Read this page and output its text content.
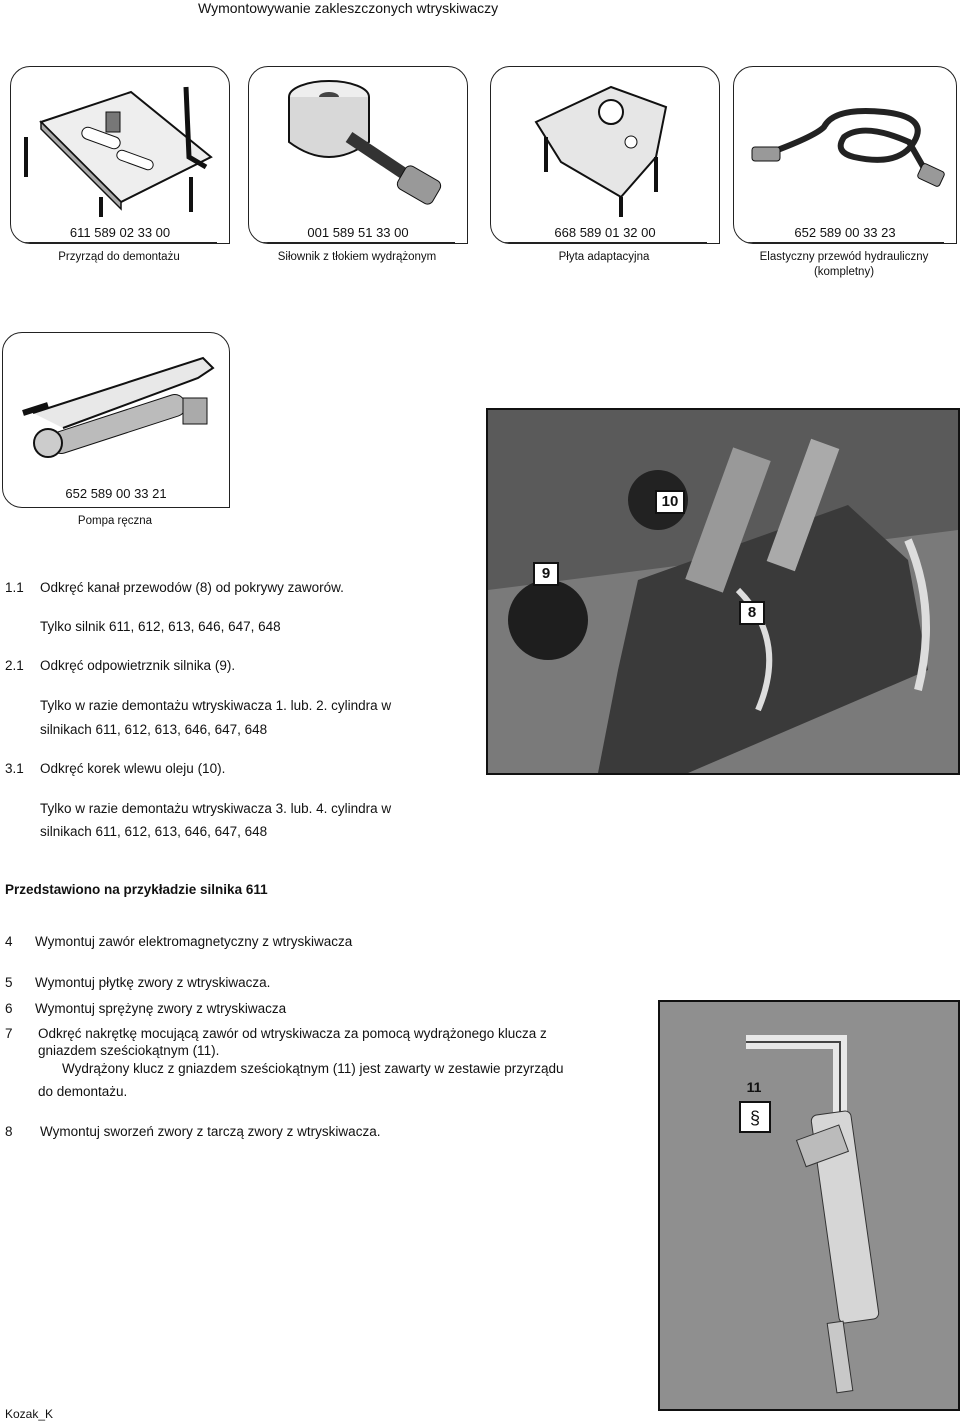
Wymontowywanie zakleszczonych wtryskiwaczy
611 589 02 33 00
Przyrząd do demontażu
001 589 51 33 00
Siłownik z tłokiem wydrążonym
668 589 01 32 00
Płyta adaptacyjna
652 589 00 33 23
Elastyczny przewód hydrauliczny
(kompletny)
652 589 00 33 21
Pompa ręczna
9
10
8
§
11
1.1 Odkręć kanał przewodów (8) od pokrywy zaworów.
Tylko silnik 611, 612, 613, 646, 647, 648
2.1 Odkręć odpowietrznik silnika (9).
Tylko w razie demontażu wtryskiwacza 1. lub. 2. cylindra w
silnikach 611, 612, 613, 646, 647, 648
3.1 Odkręć korek wlewu oleju (10).
Tylko w razie demontażu wtryskiwacza 3. lub. 4. cylindra w
silnikach 611, 612, 613, 646, 647, 648
Przedstawiono na przykładzie silnika 611
4 Wymontuj zawór elektromagnetyczny z wtryskiwacza
5 Wymontuj płytkę zwory z wtryskiwacza.
6 Wymontuj sprężynę zwory z wtryskiwacza
7 Odkręć nakrętkę mocującą zawór od wtryskiwacza za pomocą wydrążonego klucza z
gniazdem sześciokątnym (11).
Wydrążony klucz z gniazdem sześciokątnym (11) jest zawarty w zestawie przyrządu
do demontażu.
8 Wymontuj sworzeń zwory z tarczą zwory z wtryskiwacza.
Kozak_K
